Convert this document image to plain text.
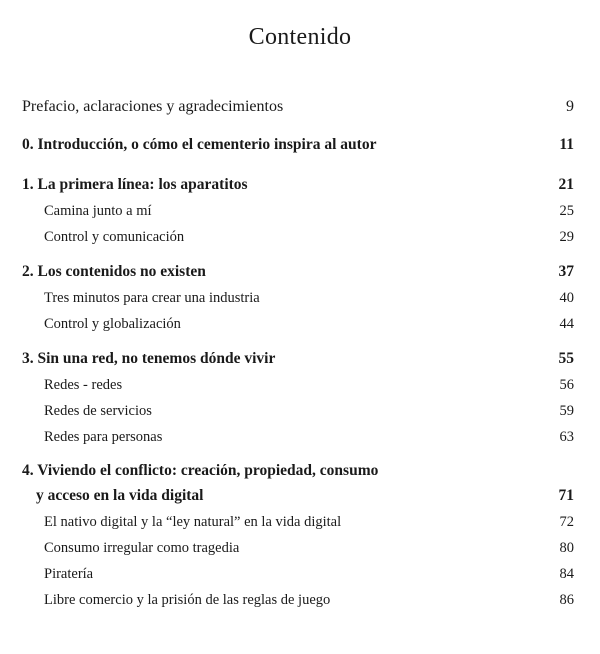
Contenido
Prefacio, aclaraciones y agradecimientos	9
0. Introducción, o cómo el cementerio inspira al autor	11
1. La primera línea: los aparatitos	21
Camina junto a mí	25
Control y comunicación	29
2. Los contenidos no existen	37
Tres minutos para crear una industria	40
Control y globalización	44
3. Sin una red, no tenemos dónde vivir	55
Redes - redes	56
Redes de servicios	59
Redes para personas	63
4. Viviendo el conflicto: creación, propiedad, consumo
y acceso en la vida digital	71
El nativo digital y la “ley natural” en la vida digital	72
Consumo irregular como tragedia	80
Piratería	84
Libre comercio y la prisión de las reglas de juego	86
